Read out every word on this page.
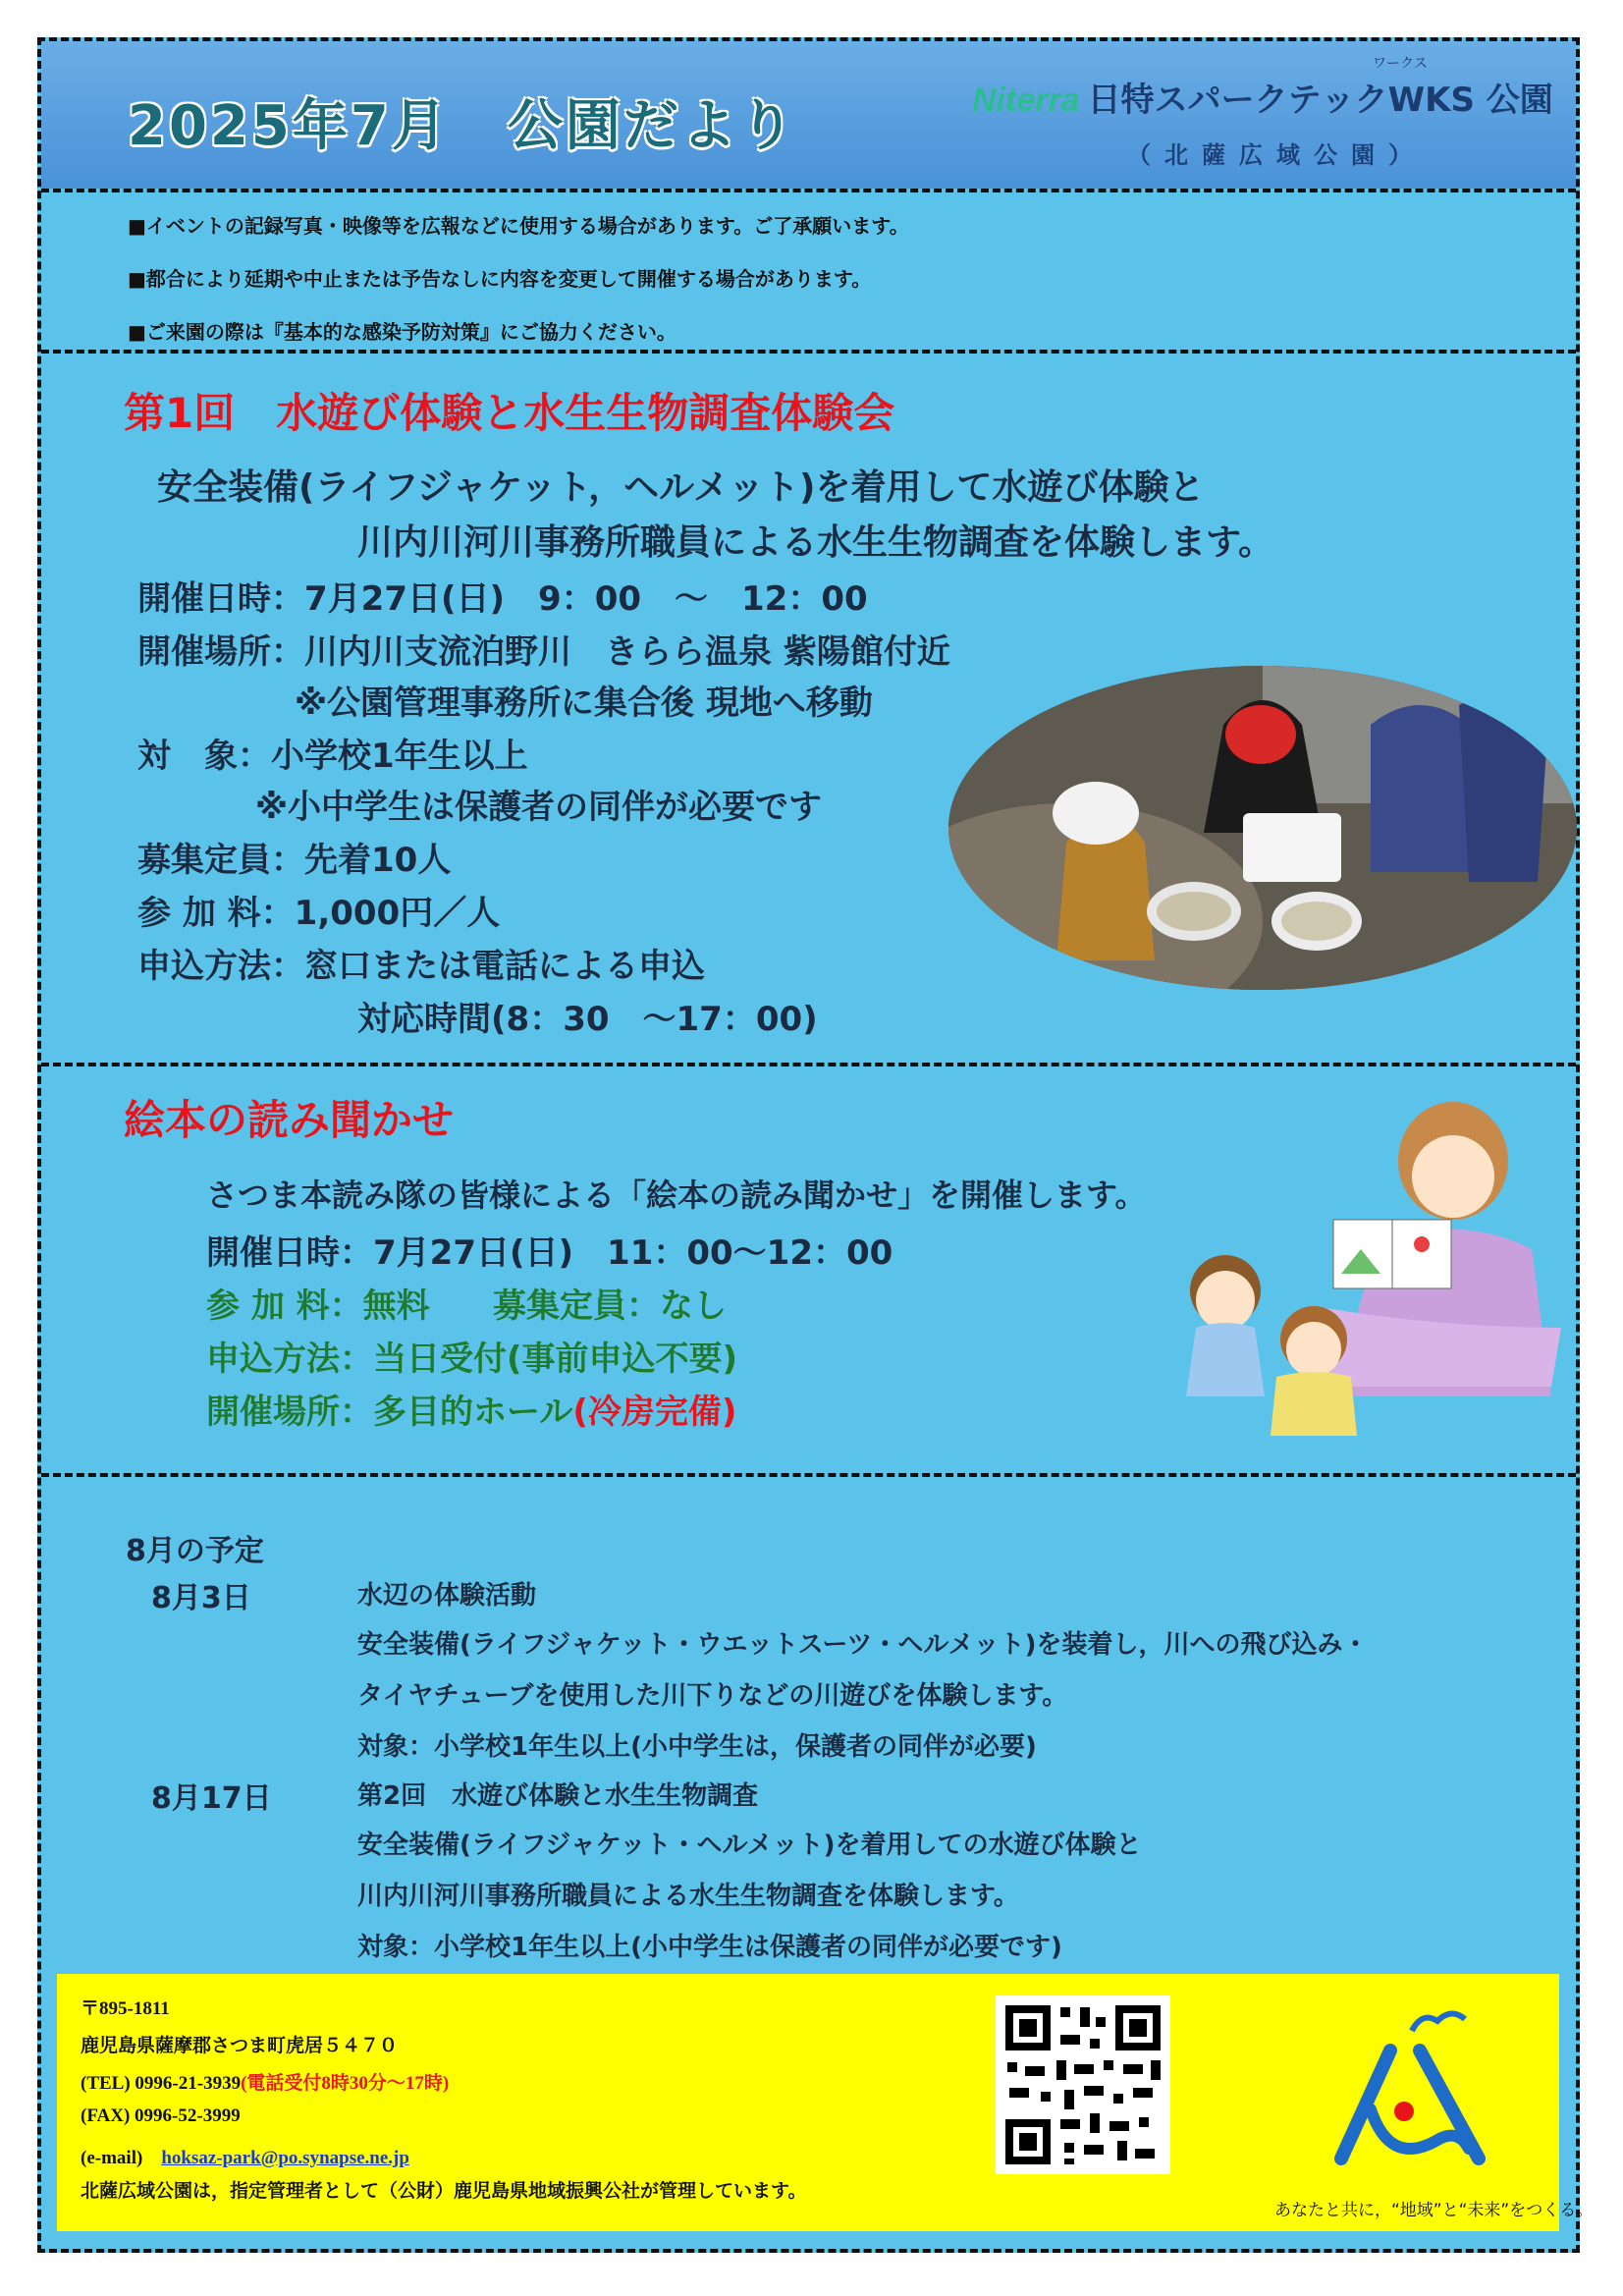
2025年7月　公園だより	Niterra 日特スパークテックWKS 公園
ワークス
（北薩広域公園）
■イベントの記録写真・映像等を広報などに使用する場合があります。ご了承願います。
■都合により延期や中止または予告なしに内容を変更して開催する場合があります。
■ご来園の際は『基本的な感染予防対策』にご協力ください。
第1回　水遊び体験と水生生物調査体験会
安全装備(ライフジャケット，ヘルメット)を着用して水遊び体験と
川内川河川事務所職員による水生生物調査を体験します。
開催日時：7月27日(日)　9：00　～　12：00
開催場所：川内川支流泊野川　きらら温泉 紫陽館付近
※公園管理事務所に集合後 現地へ移動
対　象：小学校1年生以上
※小中学生は保護者の同伴が必要です
募集定員：先着10人
参 加 料：1,000円／人
申込方法：窓口または電話による申込
対応時間(8：30　～17：00)
絵本の読み聞かせ
さつま本読み隊の皆様による「絵本の読み聞かせ」を開催します。
開催日時：7月27日(日)　11：00～12：00
参 加 料：無料 募集定員：なし
申込方法：当日受付(事前申込不要)
開催場所：多目的ホール(冷房完備)
8月の予定
8月3日	水辺の体験活動
安全装備(ライフジャケット・ウエットスーツ・ヘルメット)を装着し，川への飛び込み・
タイヤチューブを使用した川下りなどの川遊びを体験します。
対象：小学校1年生以上(小中学生は，保護者の同伴が必要)
8月17日	第2回　水遊び体験と水生生物調査
安全装備(ライフジャケット・ヘルメット)を着用しての水遊び体験と
川内川河川事務所職員による水生生物調査を体験します。
対象：小学校1年生以上(小中学生は保護者の同伴が必要です)
〒895-1811
鹿児島県薩摩郡さつま町虎居５４７０
(TEL) 0996-21-3939(電話受付8時30分～17時)
(FAX) 0996-52-3999
(e-mail)　 hoksaz-park@po.synapse.ne.jp
北薩広域公園は，指定管理者として（公財）鹿児島県地域振興公社が管理しています。
あなたと共に，“地域”と“未来”をつくる。
